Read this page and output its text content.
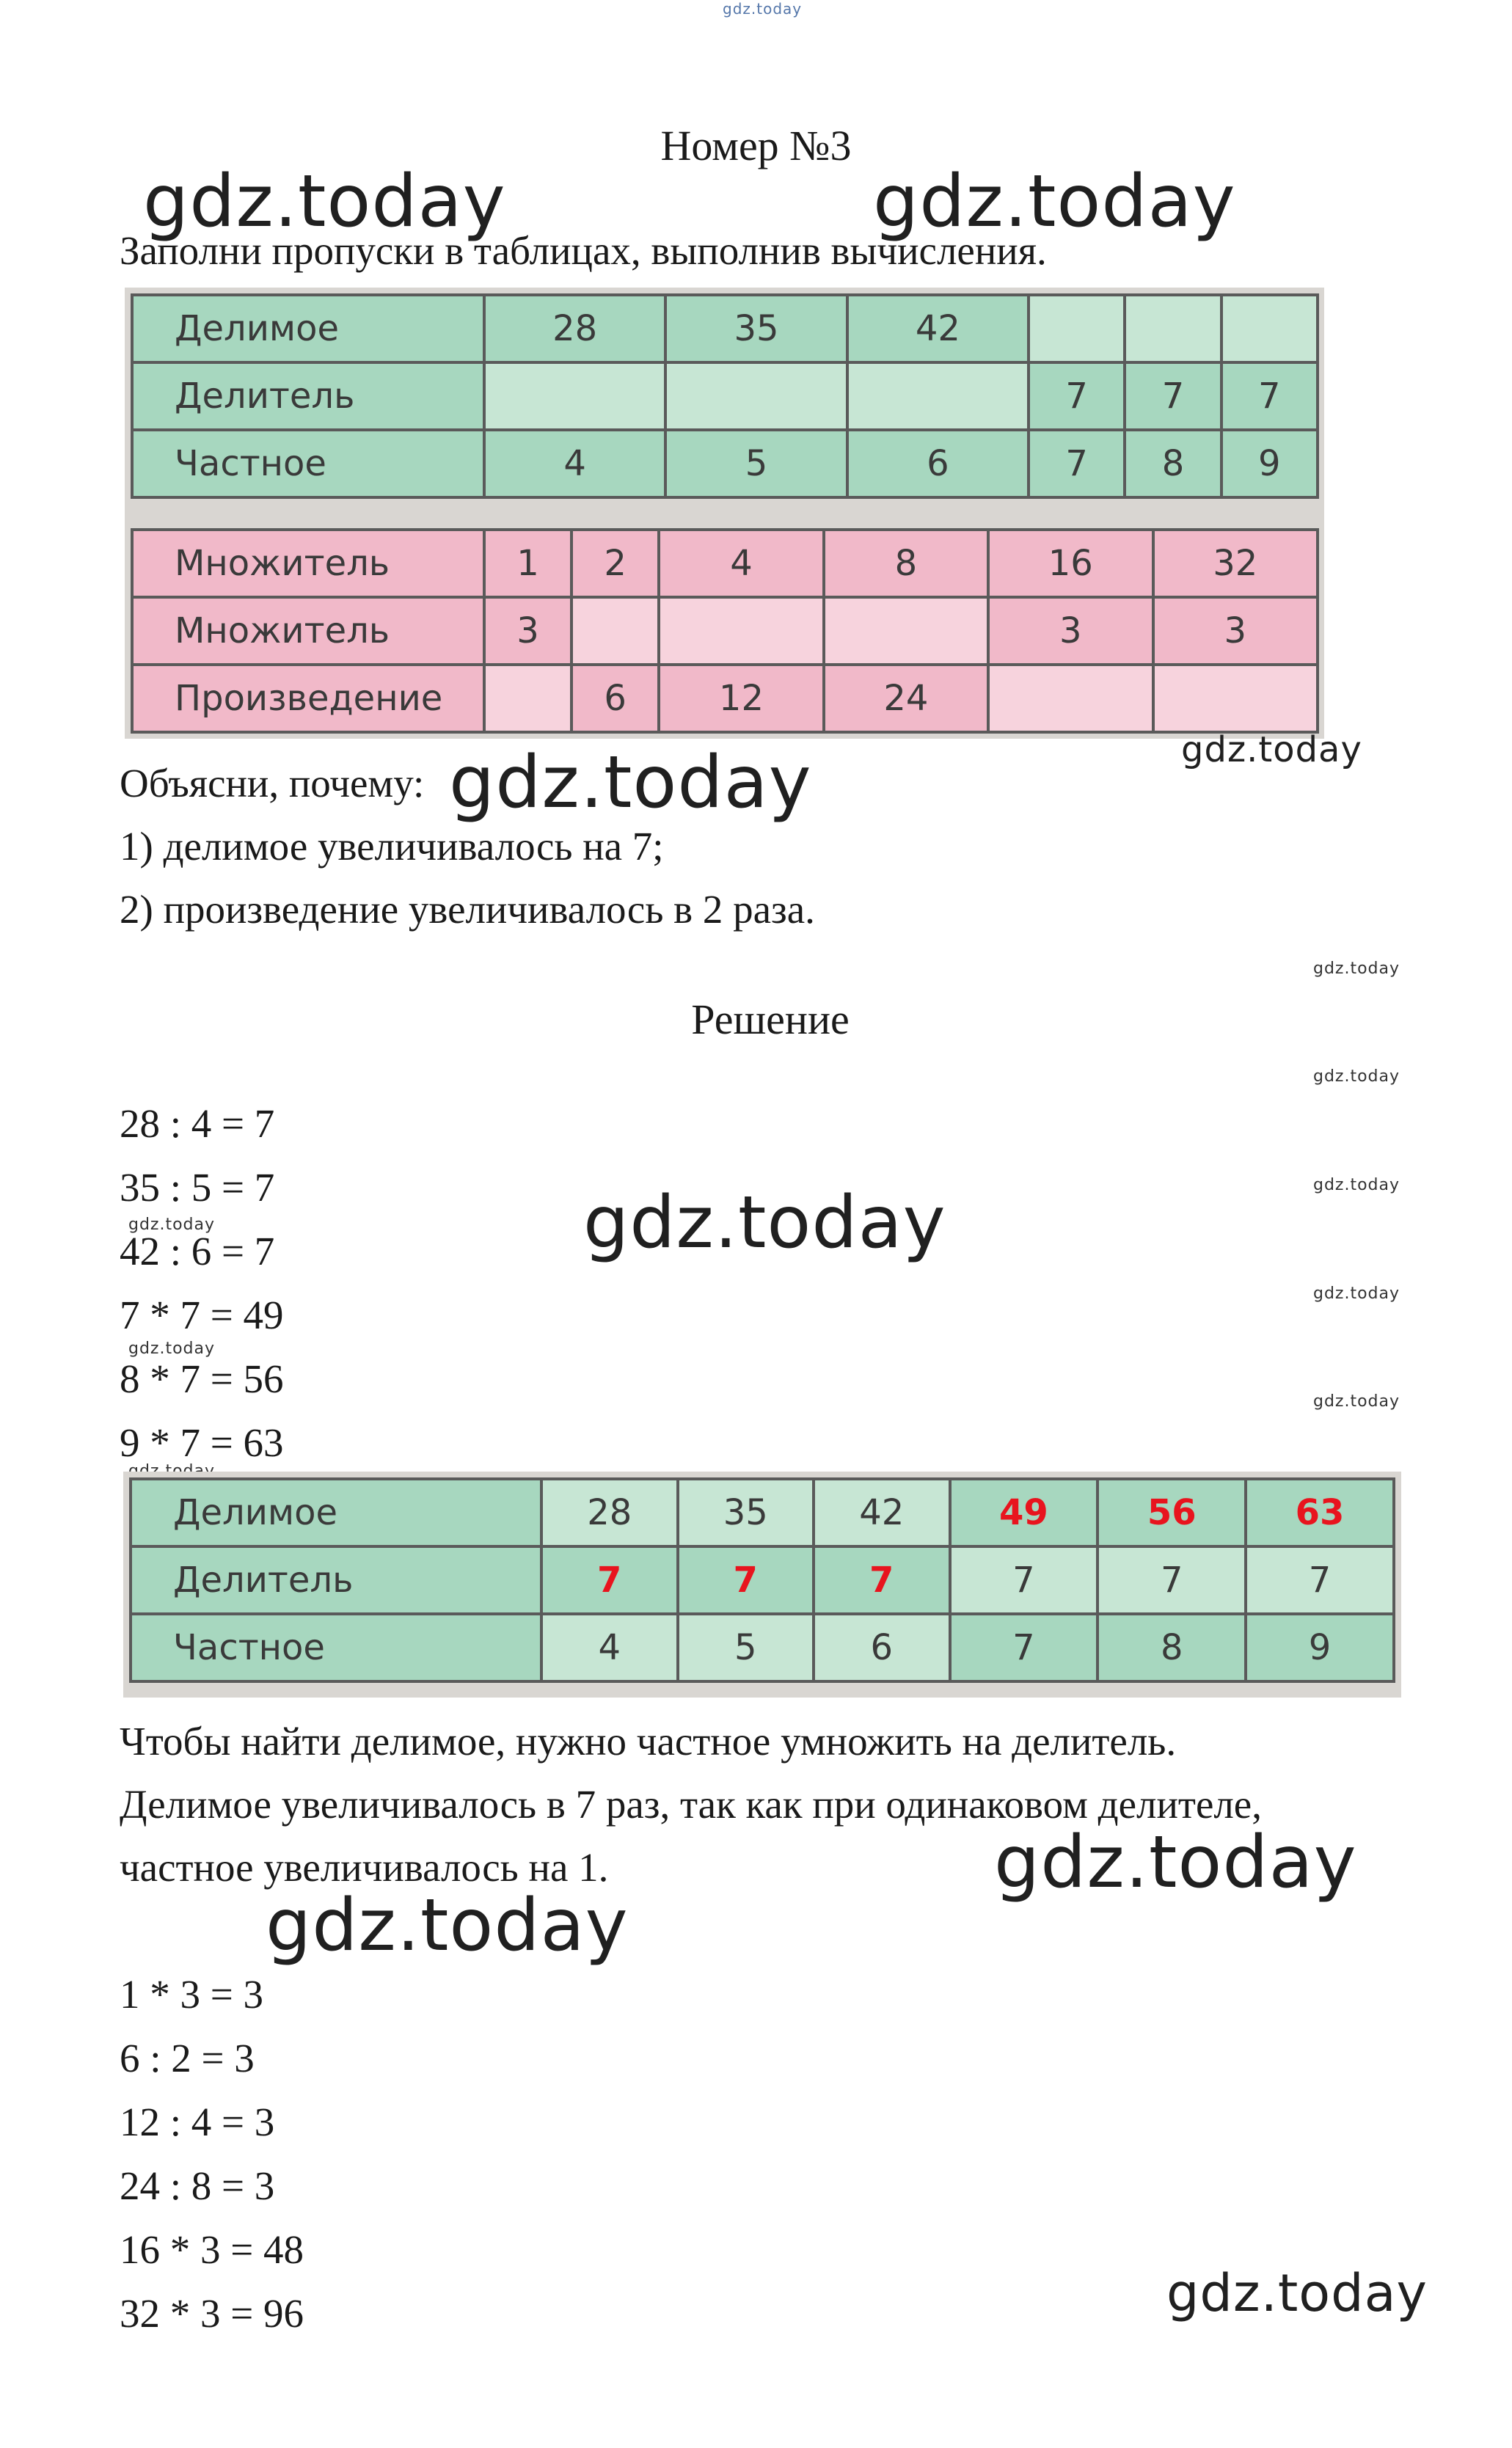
gdz.today
Номер №3
gdz.today	gdz.today
Заполни пропуски в таблицах, выполнив вычисления.
Делимое	28	35	42			
Делитель				7	7	7
Частное	4	5	6	7	8	9
Множитель	1	2	4	8	16	32
Множитель	3				3	3
Произведение		6	12	24		
Объясни, почему: gdz.today	gdz.today
1) делимое увеличивалось на 7;
2) произведение увеличивалось в 2 раза.
gdz.today
Решение
gdz.today
28 : 4 = 7
35 : 5 = 7	gdz.today
gdz.today
42 : 6 = 7	gdz.today
gdz.today
7 * 7 = 49
gdz.today
8 * 7 = 56
gdz.today
9 * 7 = 63
Делимое	28	35	42	49	56	63
Делитель	7	7	7	7	7	7
Частное	4	5	6	7	8	9
Чтобы найти делимое, нужно частное умножить на делитель.
Делимое увеличивалось в 7 раз, так как при одинаковом делителе,
частное увеличивалось на 1.	gdz.today
gdz.today
1 * 3 = 3
6 : 2 = 3
12 : 4 = 3
24 : 8 = 3
16 * 3 = 48
32 * 3 = 96	gdz.today
